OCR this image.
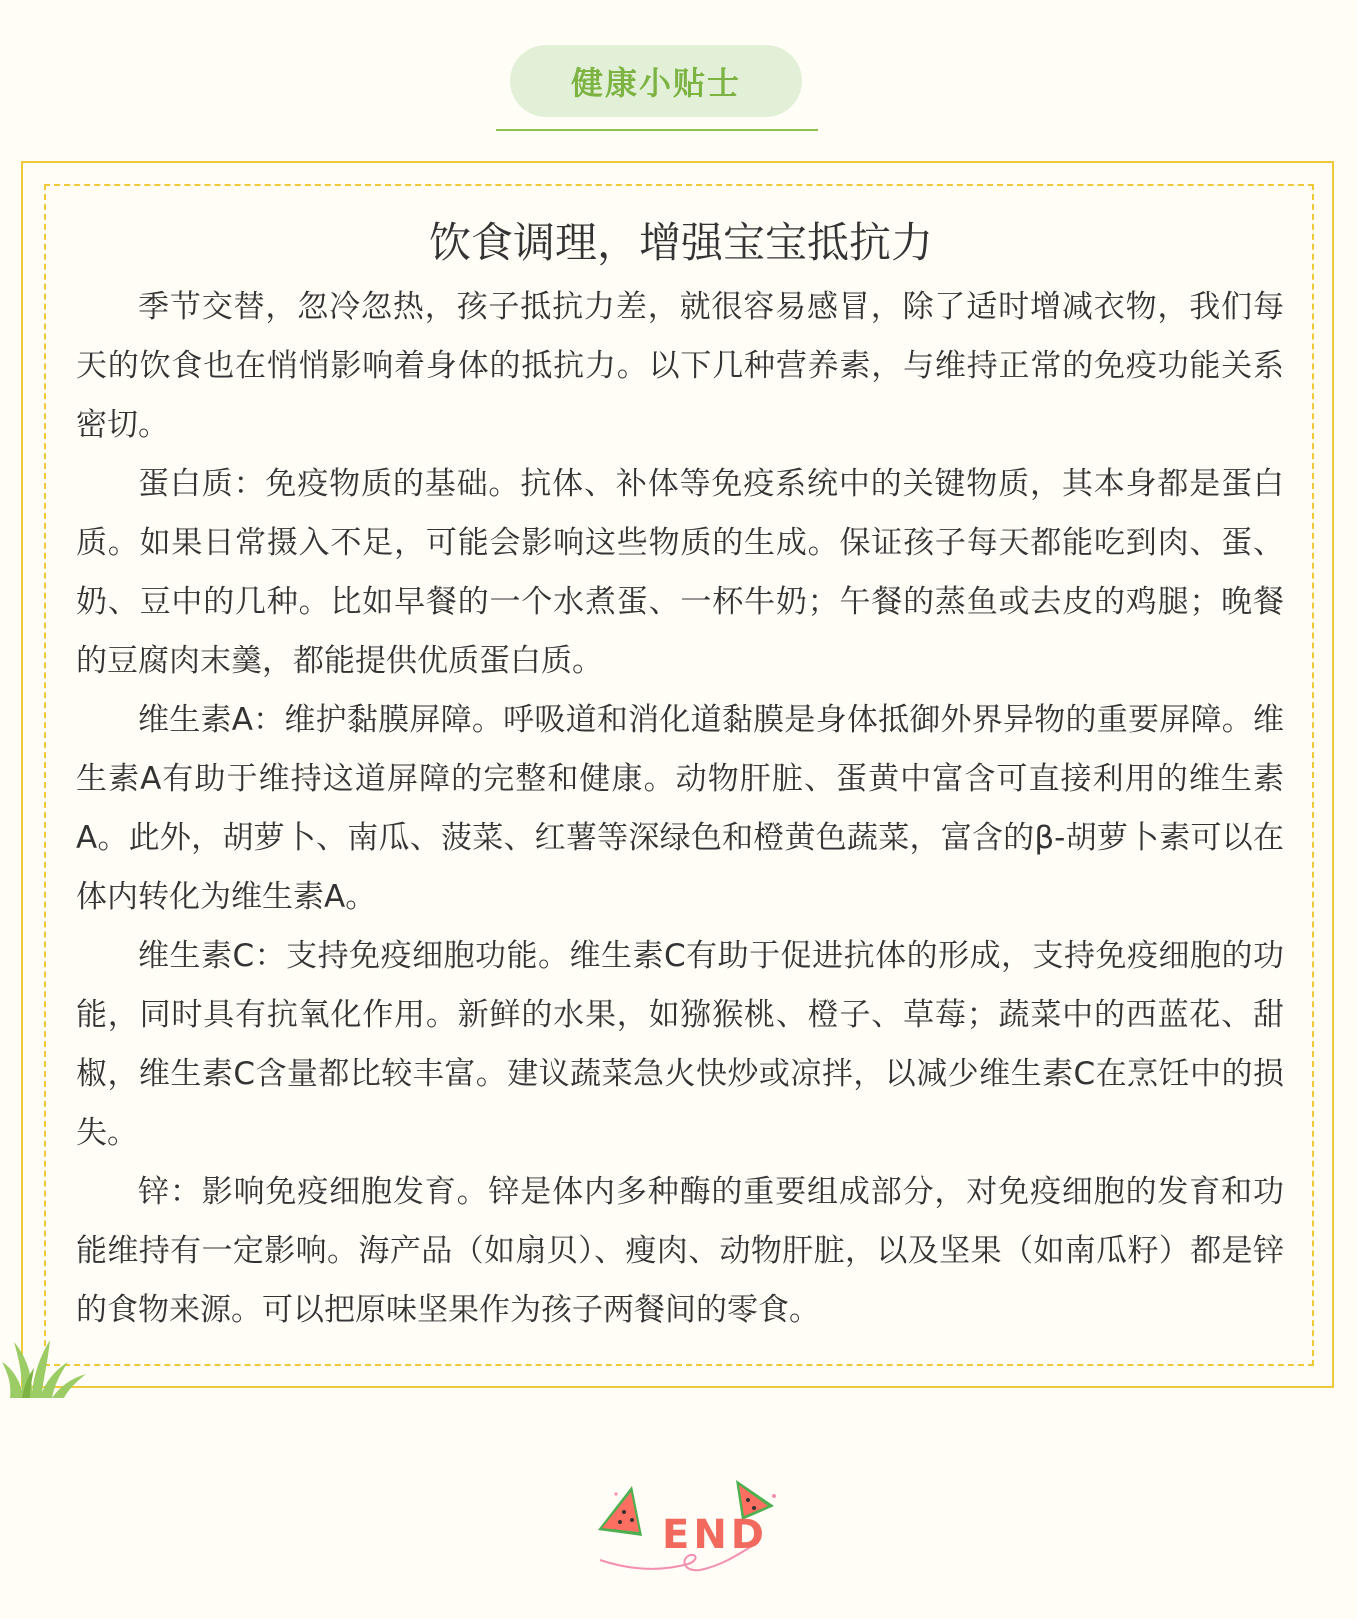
健康小贴士
饮食调理，增强宝宝抵抗力

季节交替，忽冷忽热，孩子抵抗力差，就很容易感冒，除了适时增减衣物，我们每天的饮食也在悄悄影响着身体的抵抗力。以下几种营养素，与维持正常的免疫功能关系密切。

蛋白质：免疫物质的基础。抗体、补体等免疫系统中的关键物质，其本身都是蛋白质。如果日常摄入不足，可能会影响这些物质的生成。保证孩子每天都能吃到肉、蛋、奶、豆中的几种。比如早餐的一个水煮蛋、一杯牛奶；午餐的蒸鱼或去皮的鸡腿；晚餐的豆腐肉末羹，都能提供优质蛋白质。

维生素A：维护黏膜屏障。呼吸道和消化道黏膜是身体抵御外界异物的重要屏障。维生素A有助于维持这道屏障的完整和健康。动物肝脏、蛋黄中富含可直接利用的维生素A。此外，胡萝卜、南瓜、菠菜、红薯等深绿色和橙黄色蔬菜，富含的β-胡萝卜素可以在体内转化为维生素A。

维生素C：支持免疫细胞功能。维生素C有助于促进抗体的形成，支持免疫细胞的功能，同时具有抗氧化作用。新鲜的水果，如猕猴桃、橙子、草莓；蔬菜中的西蓝花、甜椒，维生素C含量都比较丰富。建议蔬菜急火快炒或凉拌，以减少维生素C在烹饪中的损失。

锌：影响免疫细胞发育。锌是体内多种酶的重要组成部分，对免疫细胞的发育和功能维持有一定影响。海产品（如扇贝）、瘦肉、动物肝脏，以及坚果（如南瓜籽）都是锌的食物来源。可以把原味坚果作为孩子两餐间的零食。

END
